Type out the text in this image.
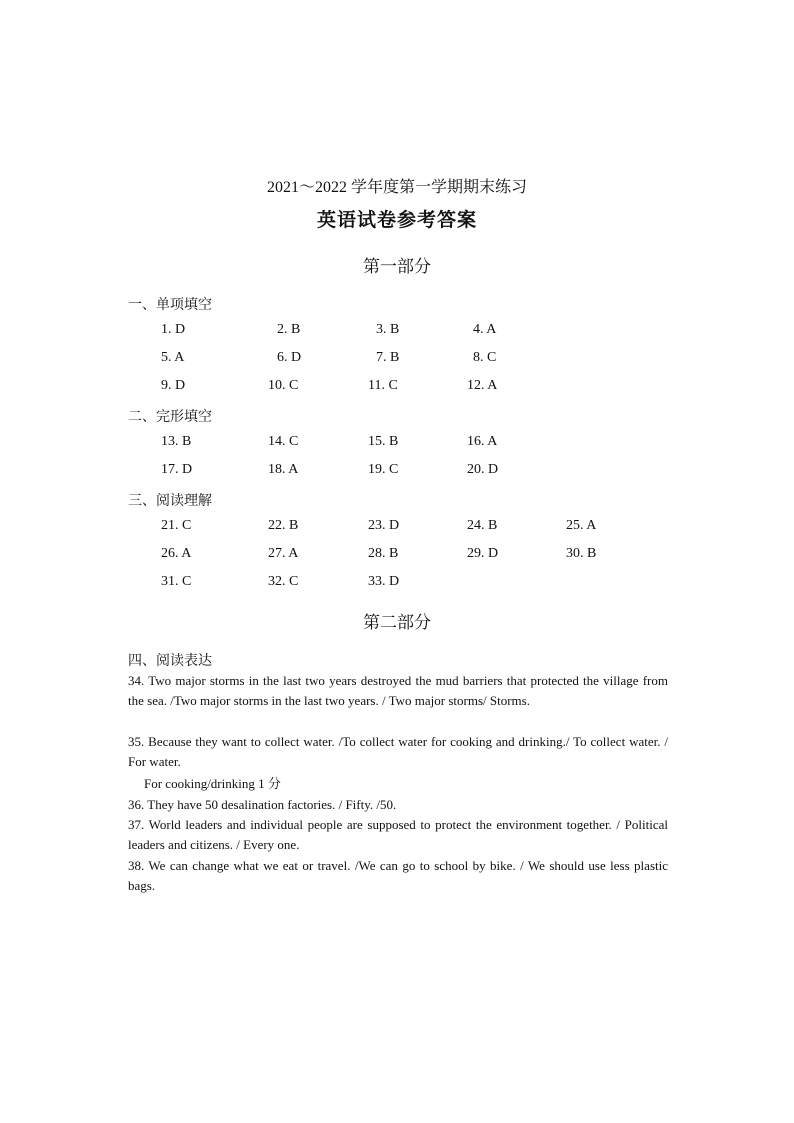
2021～2022 学年度第一学期期末练习
英语试卷参考答案
第一部分
一、单项填空
1. D	2. B	3. B	4. A
5. A	6. D	7. B	8. C
9. D	10. C	11. C	12. A
二、完形填空
13. B	14. C	15. B	16. A
17. D	18. A	19. C	20. D
三、阅读理解
21. C	22. B	23. D	24. B	25. A
26. A	27. A	28. B	29. D	30. B
31. C	32. C	33. D
第二部分
四、阅读表达
34. Two major storms in the last two years destroyed the mud barriers that protected the village from the sea. /Two major storms in the last two years. / Two major storms/ Storms.
35. Because they want to collect water. /To collect water for cooking and drinking./ To collect water. / For water.
For cooking/drinking 1 分
36. They have 50 desalination factories. / Fifty. /50.
37. World leaders and individual people are supposed to protect the environment together. / Political leaders and citizens. / Every one.
38. We can change what we eat or travel. /We can go to school by bike. / We should use less plastic bags.
